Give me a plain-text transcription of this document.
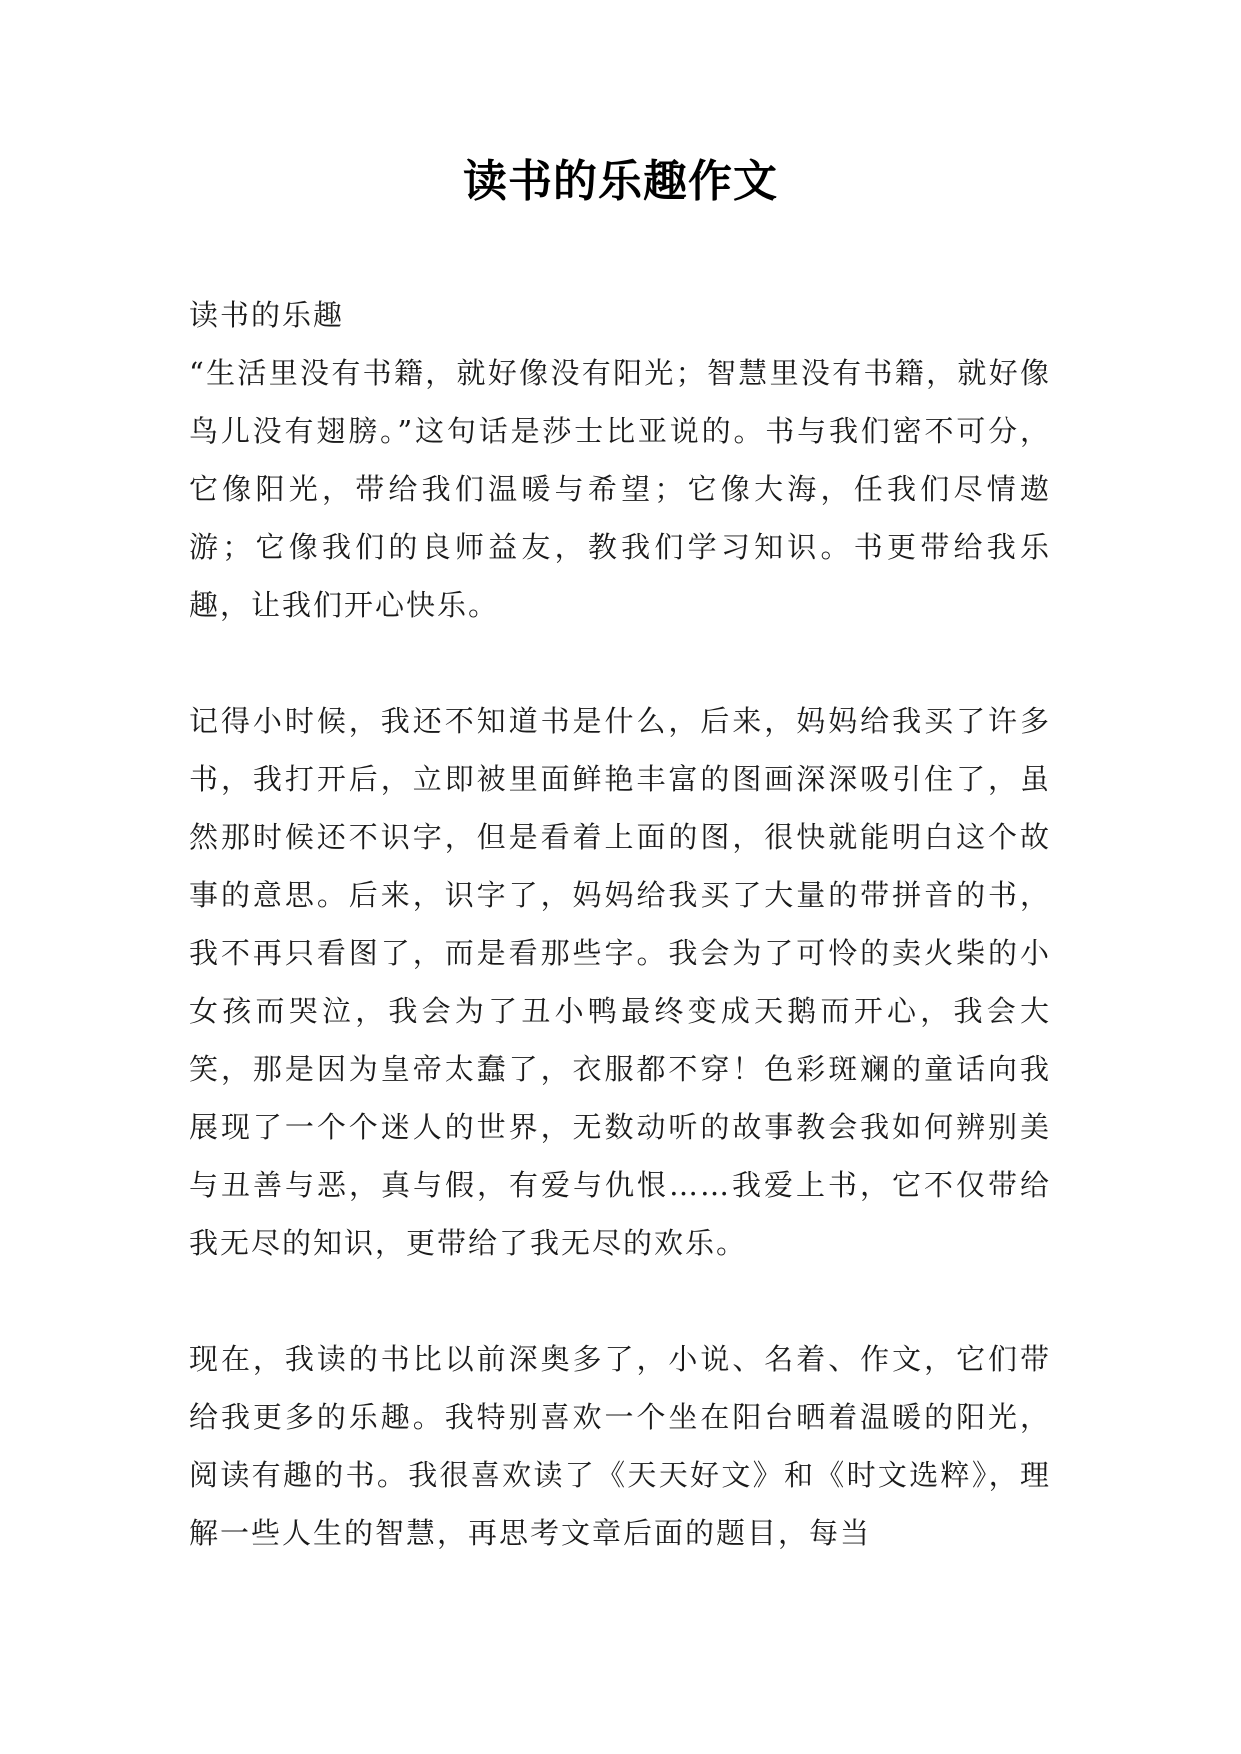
读书的乐趣作文

读书的乐趣

“生活里没有书籍，就好像没有阳光；智慧里没有书籍，就好像鸟儿没有翅膀。”这句话是莎士比亚说的。书与我们密不可分，它像阳光，带给我们温暖与希望；它像大海，任我们尽情遨游；它像我们的良师益友，教我们学习知识。书更带给我乐趣，让我们开心快乐。

记得小时候，我还不知道书是什么，后来，妈妈给我买了许多书，我打开后，立即被里面鲜艳丰富的图画深深吸引住了，虽然那时候还不识字，但是看着上面的图，很快就能明白这个故事的意思。后来，识字了，妈妈给我买了大量的带拼音的书，我不再只看图了，而是看那些字。我会为了可怜的卖火柴的小女孩而哭泣，我会为了丑小鸭最终变成天鹅而开心，我会大笑，那是因为皇帝太蠢了，衣服都不穿！色彩斑斓的童话向我展现了一个个迷人的世界，无数动听的故事教会我如何辨别美与丑善与恶，真与假，有爱与仇恨……我爱上书，它不仅带给我无尽的知识，更带给了我无尽的欢乐。

现在，我读的书比以前深奥多了，小说、名着、作文，它们带给我更多的乐趣。我特别喜欢一个坐在阳台晒着温暖的阳光，阅读有趣的书。我很喜欢读了《天天好文》和《时文选粹》，理解一些人生的智慧，再思考文章后面的题目，每当
